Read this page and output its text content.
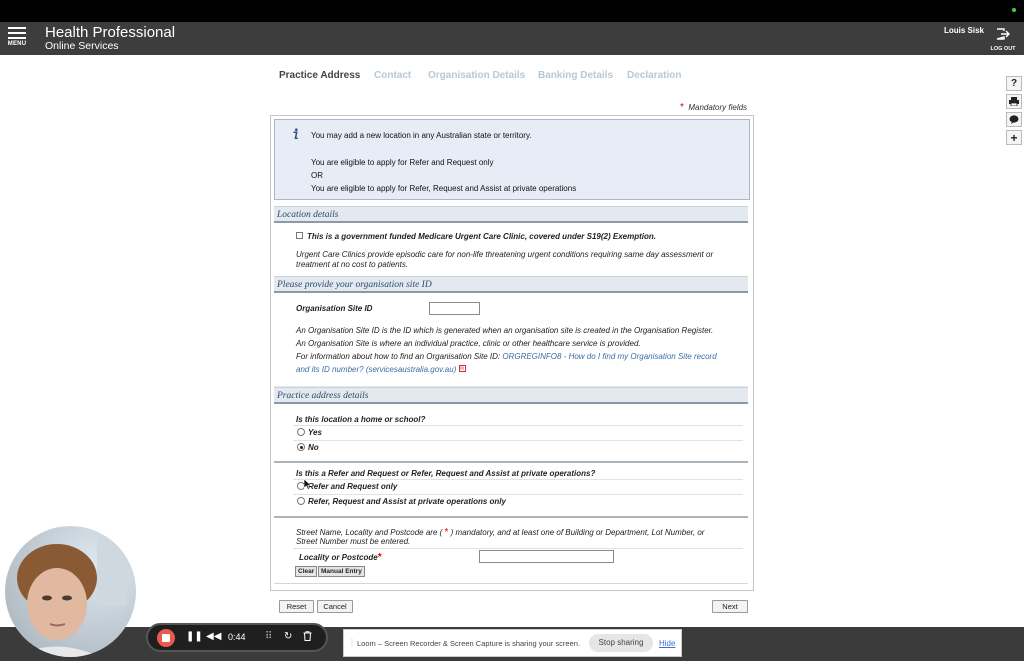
MENU
Health Professional
Online Services
Louis Sisk
LOG OUT
Practice Address Contact Organisation Details Banking Details Declaration
?
+
* Mandatory fields
You may add a new location in any Australian state or territory.
You are eligible to apply for Refer and Request only
OR
You are eligible to apply for Refer, Request and Assist at private operations
Location details
This is a government funded Medicare Urgent Care Clinic, covered under S19(2) Exemption.
Urgent Care Clinics provide episodic care for non-life threatening urgent conditions requiring same day assessment or
treatment at no cost to patients.
Please provide your organisation site ID
Organisation Site ID
An Organisation Site ID is the ID which is generated when an organisation site is created in the Organisation Register.
An Organisation Site is where an individual practice, clinic or other healthcare service is provided.
For information about how to find an Organisation Site ID: ORGREGINFO8 - How do I find my Organisation Site record
and its ID number? (servicesaustralia.gov.au) ✉
Practice address details
Is this location a home or school?
Yes
No
Is this a Refer and Request or Refer, Request and Assist at private operations?
Refer and Request only
Refer, Request and Assist at private operations only
Street Name, Locality and Postcode are ( * ) mandatory, and at least one of Building or Department, Lot Number, or
Street Number must be entered.
Locality or Postcode*
Clear	Manual Entry
Reset	Cancel	Next
❚❚ ◀◀ 0:44 ⠿ ↻
⋮ Loom – Screen Recorder & Screen Capture is sharing your screen.	Stop sharing	Hide
